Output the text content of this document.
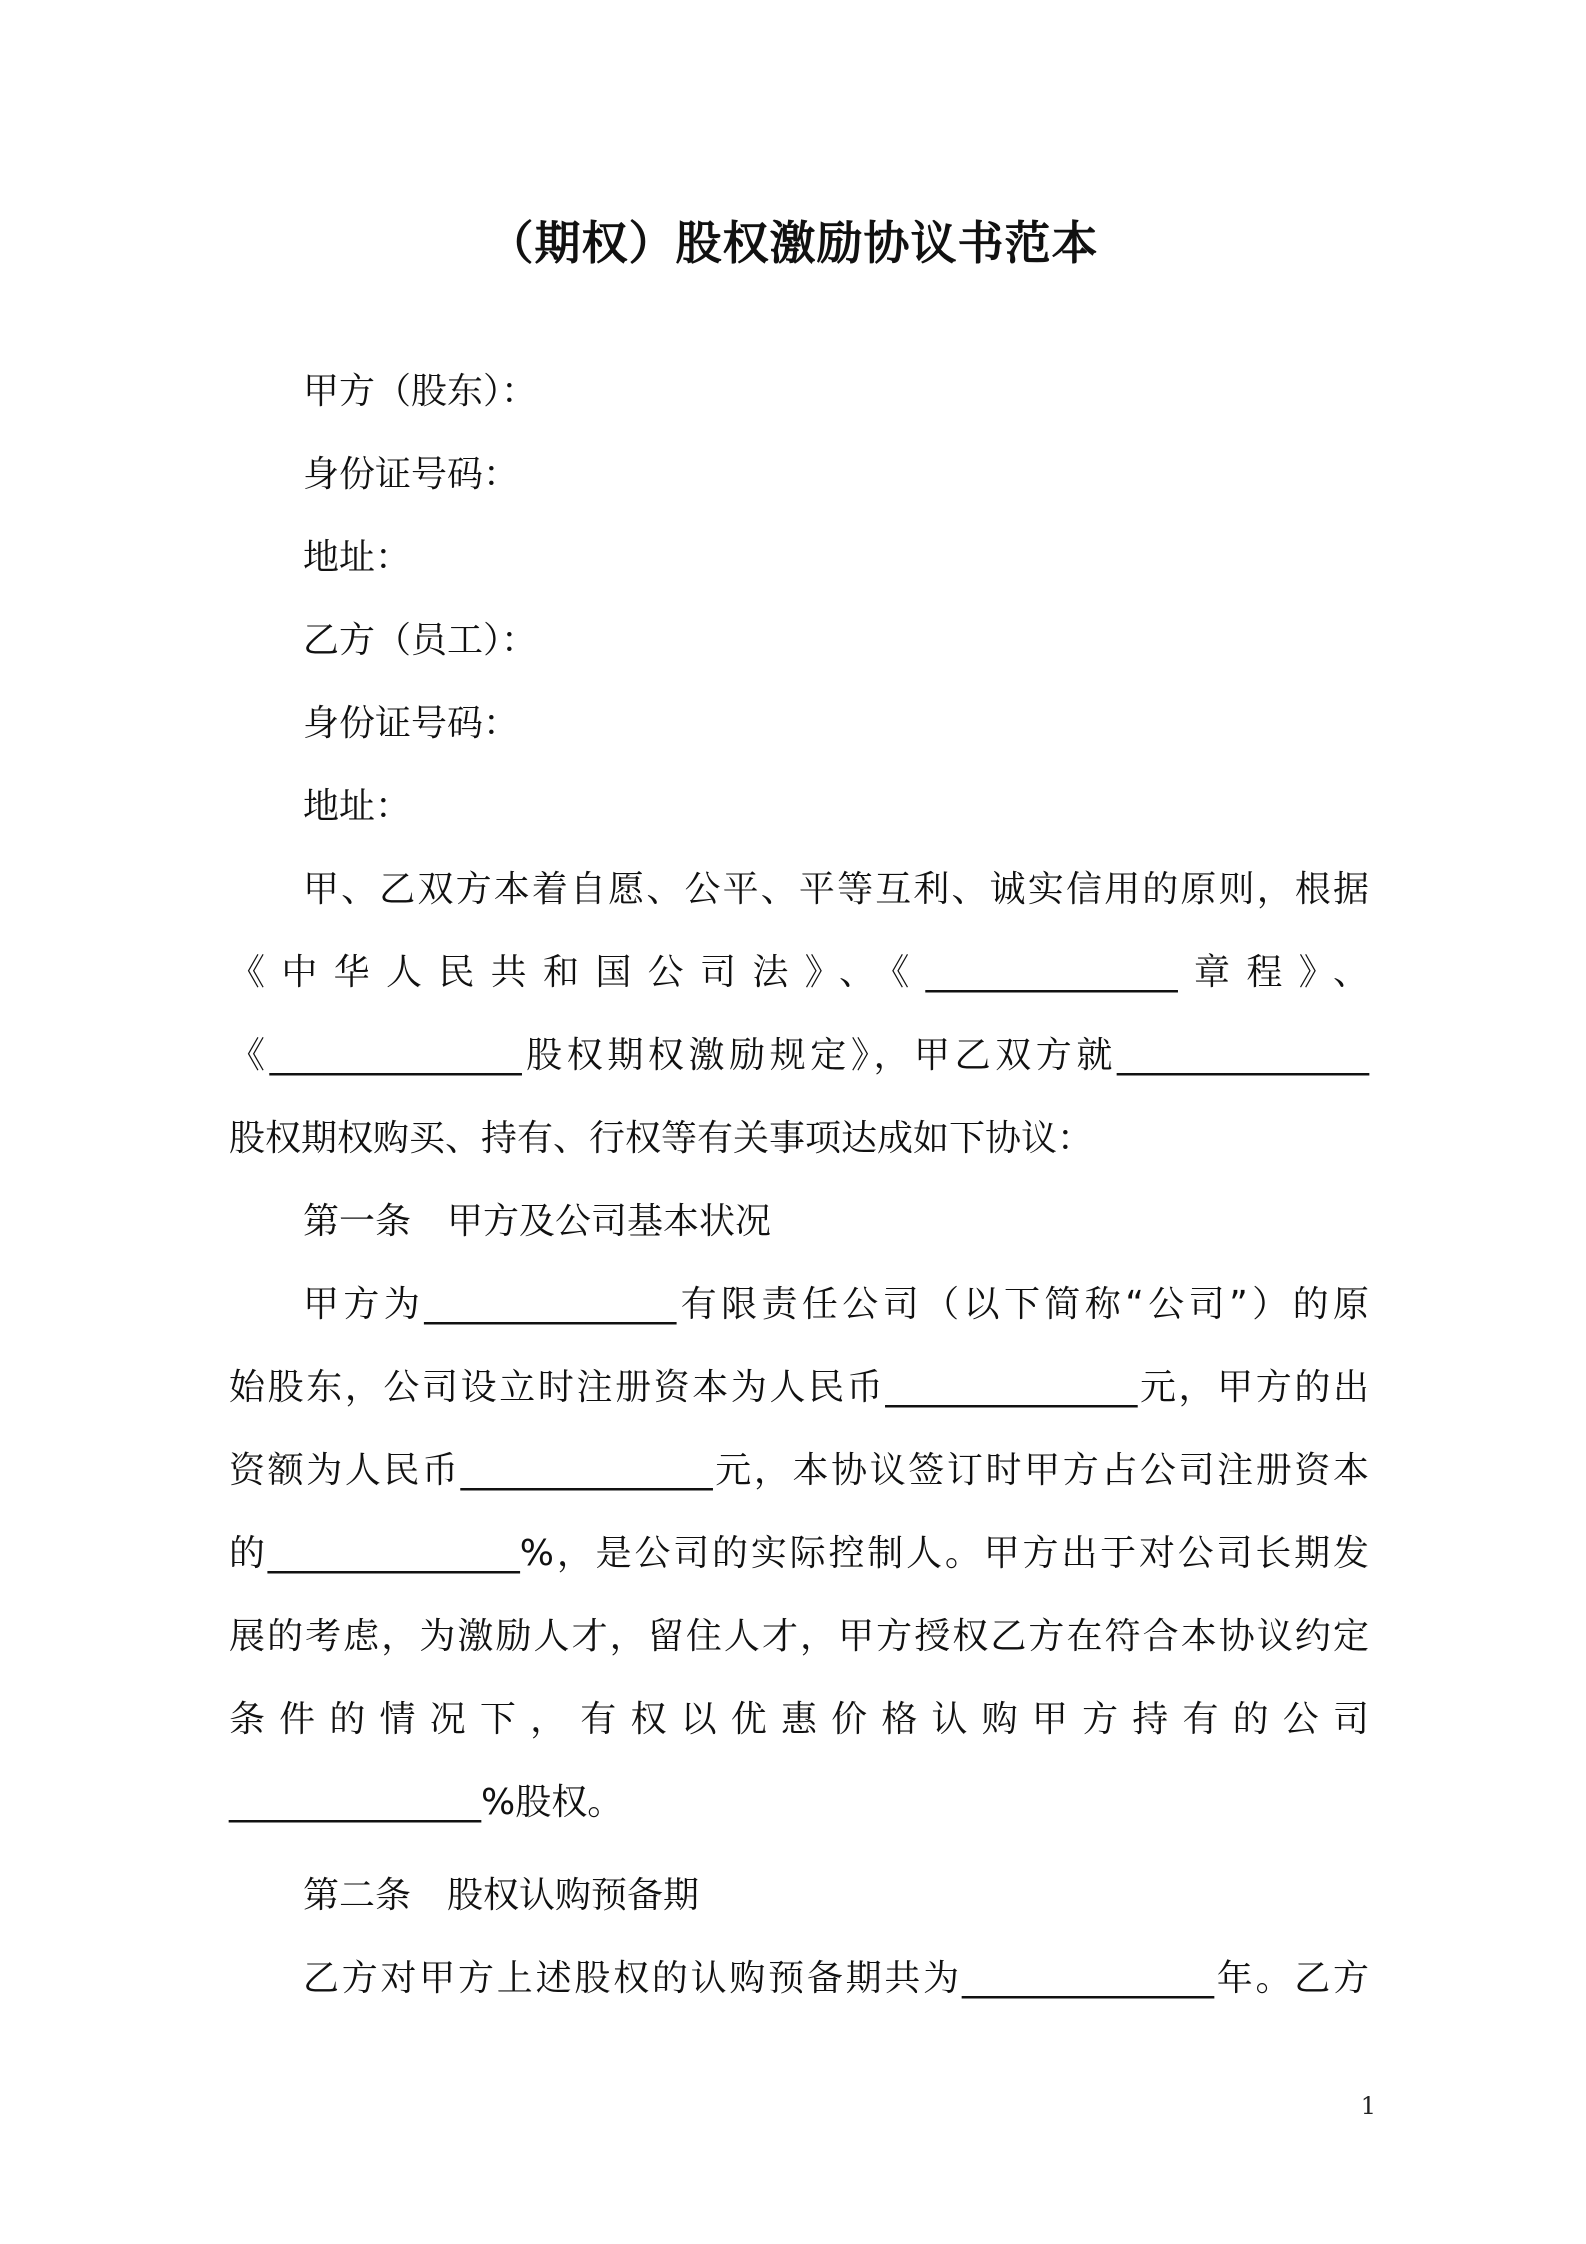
（期权）股权激励协议书范本
甲方（股东）：
身份证号码：
地址：
乙方（员工）：
身份证号码：
地址：
甲、乙双方本着自愿、公平、平等互利、诚实信用的原则，根据
《中华人民共和国公司法》、《______________章程》、
《______________股权期权激励规定》，甲乙双方就______________
股权期权购买、持有、行权等有关事项达成如下协议：
第一条　甲方及公司基本状况
甲方为______________有限责任公司（以下简称“公司”）的原
始股东，公司设立时注册资本为人民币______________元，甲方的出
资额为人民币______________元，本协议签订时甲方占公司注册资本
的______________%，是公司的实际控制人。甲方出于对公司长期发
展的考虑，为激励人才，留住人才，甲方授权乙方在符合本协议约定
条件的情况下，有权以优惠价格认购甲方持有的公司
______________%股权。
第二条　股权认购预备期
乙方对甲方上述股权的认购预备期共为______________年。乙方
1
